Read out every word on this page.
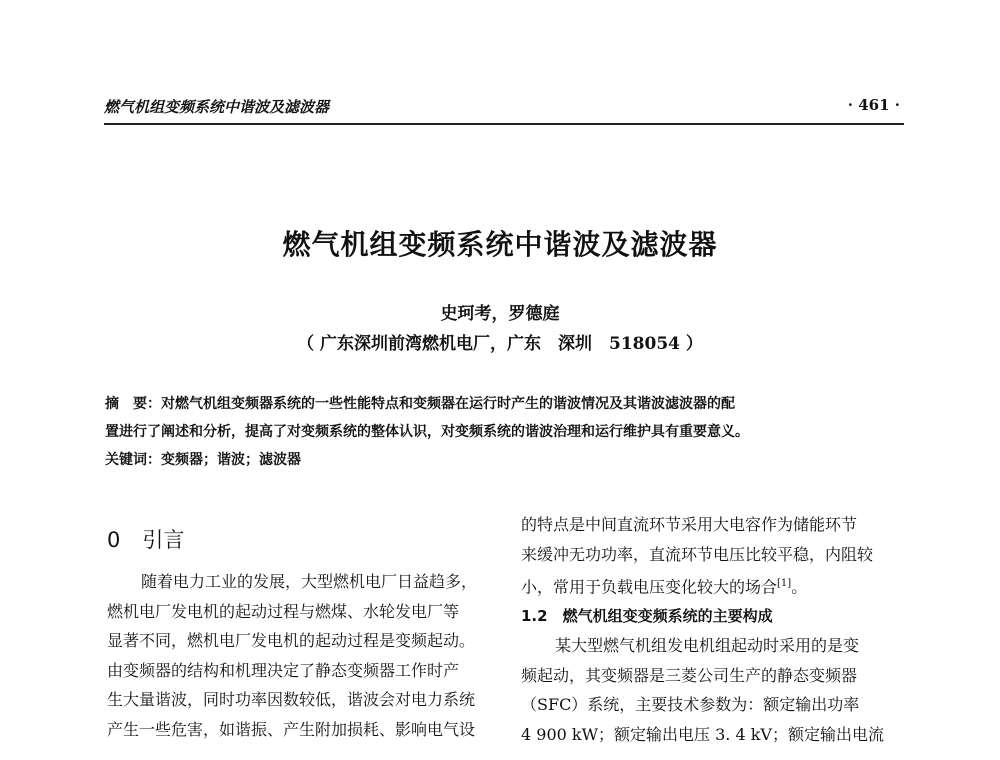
燃气机组变频系统中谐波及滤波器	· 461 ·
燃气机组变频系统中谐波及滤波器
史珂考，罗德庭
（ 广东深圳前湾燃机电厂，广东　深圳　518054 ）
摘　要：对燃气机组变频器系统的一些性能特点和变频器在运行时产生的谐波情况及其谐波滤波器的配
置进行了阐述和分析，提高了对变频系统的整体认识，对变频系统的谐波治理和运行维护具有重要意义。
关键词：变频器；谐波；滤波器
0 引言
随着电力工业的发展，大型燃机电厂日益趋多，
燃机电厂发电机的起动过程与燃煤、水轮发电厂等
显著不同，燃机电厂发电机的起动过程是变频起动。
由变频器的结构和机理决定了静态变频器工作时产
生大量谐波，同时功率因数较低，谐波会对电力系统
产生一些危害，如谐振、产生附加损耗、影响电气设
的特点是中间直流环节采用大电容作为储能环节
来缓冲无功功率，直流环节电压比较平稳，内阻较
小，常用于负载电压变化较大的场合[1]。
1.2　燃气机组变变频系统的主要构成
某大型燃气机组发电机组起动时采用的是变
频起动，其变频器是三菱公司生产的静态变频器
（SFC）系统，主要技术参数为：额定输出功率
4 900 kW；额定输出电压 3. 4 kV；额定输出电流
